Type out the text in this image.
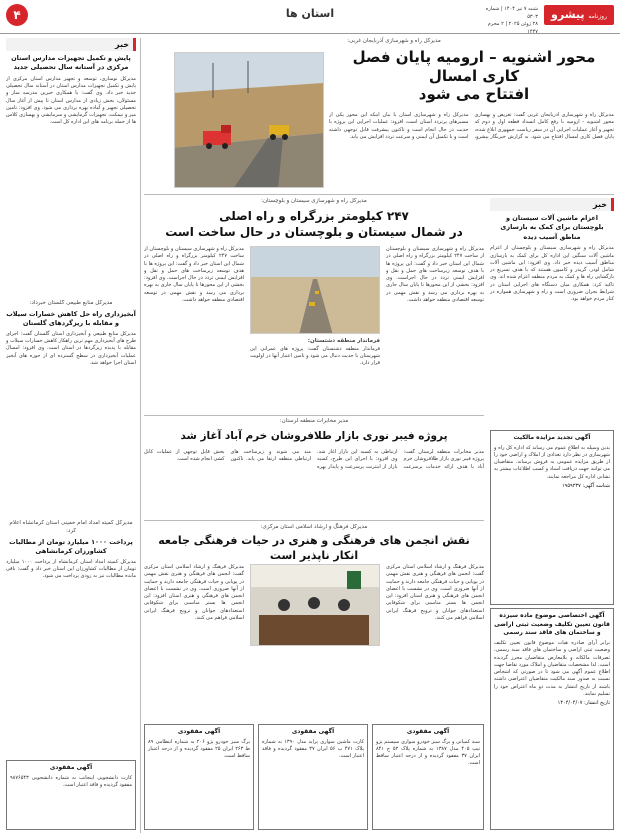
۴	استان ها	روزنامه پیشرو
شنبه ۷ تیر ۱۴۰۴ | شماره ۵۳۰۳
۲۸ ژوئن ۲۰۲۵ | ۲ محرم ۱۴۴۷
مدیرکل راه و شهرسازی آذربایجان غربی:
محور اشنویه – ارومیه پایان فصل کاری امسال
افتتاح می شود

مدیرکل راه و شهرسازی آذربایجان غربی گفت: تعریض و بهسازی محور اشنویه - ارومیه با رفع کامل انسداد قطعه اول و دوم که تجهیز و آغاز عملیات اجرایی آن در سفر ریاست جمهوری ابلاغ شده، پایان فصل کاری امسال افتتاح می شود. به گزارش خبرنگار پیشرو، مدیرکل راه و شهرسازی استان با بیان اینکه این محور یکی از مسیرهای پرتردد استان است، افزود: عملیات اجرایی این پروژه با جدیت در حال انجام است و تاکنون پیشرفت قابل توجهی داشته است و با تکمیل آن ایمنی و سرعت تردد افزایش می یابد.

خبر
اعزام ماشین آلات سیستان و بلوچستان برای کمک به بازسازی مناطق آسیب دیده

مدیرکل راه و شهرسازی سیستان و بلوچستان از اعزام ماشین آلات سنگین این اداره کل برای کمک به بازسازی مناطق آسیب دیده خبر داد. وی افزود: این ماشین آلات شامل لودر، گریدر و کامیون هستند که با هدف تسریع در بازگشایی راه ها و کمک به مردم منطقه اعزام شده اند. وی تاکید کرد: همکاری میان دستگاه های اجرایی استان در شرایط بحران ضروری است و راه و شهرسازی همواره در کنار مردم خواهد بود.

آگهی تجدید مزایده مالکیت

بدین وسیله به اطلاع عموم می رساند که اداره کل راه و شهرسازی در نظر دارد تعدادی از املاک و اراضی خود را از طریق مزایده عمومی به فروش برساند. متقاضیان می توانند جهت دریافت اسناد و کسب اطلاعات بیشتر به نشانی اداره کل مراجعه نمایند.

شناسه آگهی: ۱۹۵۹۲۳۷
آگهی اختصاصی موضوع ماده سیزده قانون تعیین تکلیف وضعیت ثبتی اراضی و ساختمان های فاقد سند رسمی

برابر آرای صادره هیات موضوع قانون تعیین تکلیف وضعیت ثبتی اراضی و ساختمان های فاقد سند رسمی، تصرفات مالکانه و بلامعارض متقاضیان محرز گردیده است. لذا مشخصات متقاضیان و املاک مورد تقاضا جهت اطلاع عموم آگهی می شود تا در صورتی که اشخاص نسبت به صدور سند مالکیت متقاضیان اعتراضی داشته باشند از تاریخ انتشار به مدت دو ماه اعتراض خود را تسلیم نمایند.

تاریخ انتشار: ۱۴۰۴/۰۴/۰۷
مدیرکل راه و شهرسازی سیستان و بلوچستان:
۲۴۷ کیلومتر بزرگراه و راه اصلی
در شمال سیستان و بلوچستان در حال ساخت است

مدیرکل راه و شهرسازی سیستان و بلوچستان از ساخت ۲۴۷ کیلومتر بزرگراه و راه اصلی در شمال این استان خبر داد و گفت: این پروژه ها با هدف توسعه زیرساخت های حمل و نقل و افزایش ایمنی تردد در حال اجراست. وی افزود: بخشی از این محورها تا پایان سال جاری به بهره برداری می رسد و نقش مهمی در توسعه اقتصادی منطقه خواهد داشت.

مدیرکل راه و شهرسازی سیستان و بلوچستان از ساخت ۲۴۷ کیلومتر بزرگراه و راه اصلی در شمال این استان خبر داد و گفت: این پروژه ها با هدف توسعه زیرساخت های حمل و نقل و افزایش ایمنی تردد در حال اجراست. وی افزود: بخشی از این محورها تا پایان سال جاری به بهره برداری می رسد و نقش مهمی در توسعه اقتصادی منطقه خواهد داشت.

فرماندار منطقه دشتستان:

فرماندار منطقه دشتستان گفت: پروژه های عمرانی این شهرستان با جدیت دنبال می شود و تامین اعتبار آنها در اولویت قرار دارد.

مدیر مخابرات منطقه لرستان:
پروژه فیبر نوری بازار طلافروشان خرم آباد آغاز شد

مدیر مخابرات منطقه لرستان گفت: پروژه فیبر نوری بازار طلافروشان خرم آباد با هدف ارائه خدمات پرسرعت ارتباطی به کسبه این بازار آغاز شد. وی افزود: با اجرای این طرح، کسبه بازار از اینترنت پرسرعت و پایدار بهره مند می شوند و زیرساخت های ارتباطی منطقه ارتقا می یابد. تاکنون بخش قابل توجهی از عملیات کابل کشی انجام شده است.

مدیرکل فرهنگ و ارشاد اسلامی استان مرکزی:
نقش انجمن های فرهنگی و هنری در حیات فرهنگی جامعه
انکار ناپذیر است

مدیرکل فرهنگ و ارشاد اسلامی استان مرکزی گفت: انجمن های فرهنگی و هنری نقش مهمی در پویایی و حیات فرهنگی جامعه دارند و حمایت از آنها ضروری است. وی در نشست با اعضای انجمن های فرهنگی و هنری استان افزود: این انجمن ها بستر مناسبی برای شکوفایی استعدادهای جوانان و ترویج فرهنگ ایرانی اسلامی فراهم می کنند.

مدیرکل فرهنگ و ارشاد اسلامی استان مرکزی گفت: انجمن های فرهنگی و هنری نقش مهمی در پویایی و حیات فرهنگی جامعه دارند و حمایت از آنها ضروری است. وی در نشست با اعضای انجمن های فرهنگی و هنری استان افزود: این انجمن ها بستر مناسبی برای شکوفایی استعدادهای جوانان و ترویج فرهنگ ایرانی اسلامی فراهم می کنند.

آگهی مفقودی

برگ سبز خودرو پژو ۲۰۶ به شماره انتظامی ۸۹ ط ۲۶۳ ایران ۲۵ مفقود گردیده و از درجه اعتبار ساقط است.

آگهی مفقودی

کارت ماشین سواری پراید مدل ۱۳۹۰ به شماره پلاک ۴۷۱ ب ۵۶ ایران ۳۷ مفقود گردیده و فاقد اعتبار است.

آگهی مفقودی

سند کمپانی و برگ سبز خودرو سواری سیستم پژو تیپ ۴۰۵ مدل ۱۳۸۷ به شماره پلاک ۵۲ ج ۸۴۱ ایران ۳۷ مفقود گردیده و از درجه اعتبار ساقط است.

خبر
پایش و تکمیل تجهیزات مدارس استان مرکزی در آستانه سال تحصیلی جدید

مدیرکل نوسازی، توسعه و تجهیز مدارس استان مرکزی از پایش و تکمیل تجهیزات مدارس استان در آستانه سال تحصیلی جدید خبر داد. وی گفت: با همکاری خیرین مدرسه ساز و مسئولان، بخش زیادی از مدارس استان تا پیش از آغاز سال تحصیلی تجهیز و آماده بهره برداری می شود. وی افزود: تامین میز و نیمکت، تجهیزات گرمایشی و سرمایشی و بهسازی کلاس ها از جمله برنامه های این اداره کل است.

مدیرکل منابع طبیعی گلستان خبرداد:
آبخیزداری راه حل کاهش خسارات سیلاب و مقابله با ریزگردهای گلستان

مدیرکل منابع طبیعی و آبخیزداری استان گلستان گفت: اجرای طرح های آبخیزداری مهم ترین راهکار کاهش خسارات سیلاب و مقابله با پدیده ریزگردها در استان است. وی افزود: امسال عملیات آبخیزداری در سطح گسترده ای از حوزه های آبخیز استان اجرا خواهد شد.

مدیرکل کمیته امداد امام خمینی استان کرمانشاه اعلام کرد:
پرداخت ۱۰۰۰ میلیارد تومان از مطالبات کشاورزان کرمانشاهی

مدیرکل کمیته امداد استان کرمانشاه از پرداخت ۱۰۰۰ میلیارد تومان از مطالبات کشاورزان این استان خبر داد و گفت: باقی مانده مطالبات نیز به زودی پرداخت می شود.

آگهی مفقودی

کارت دانشجویی اینجانب به شماره دانشجویی ۹۸۷۶۵۴۳ مفقود گردیده و فاقد اعتبار است.
